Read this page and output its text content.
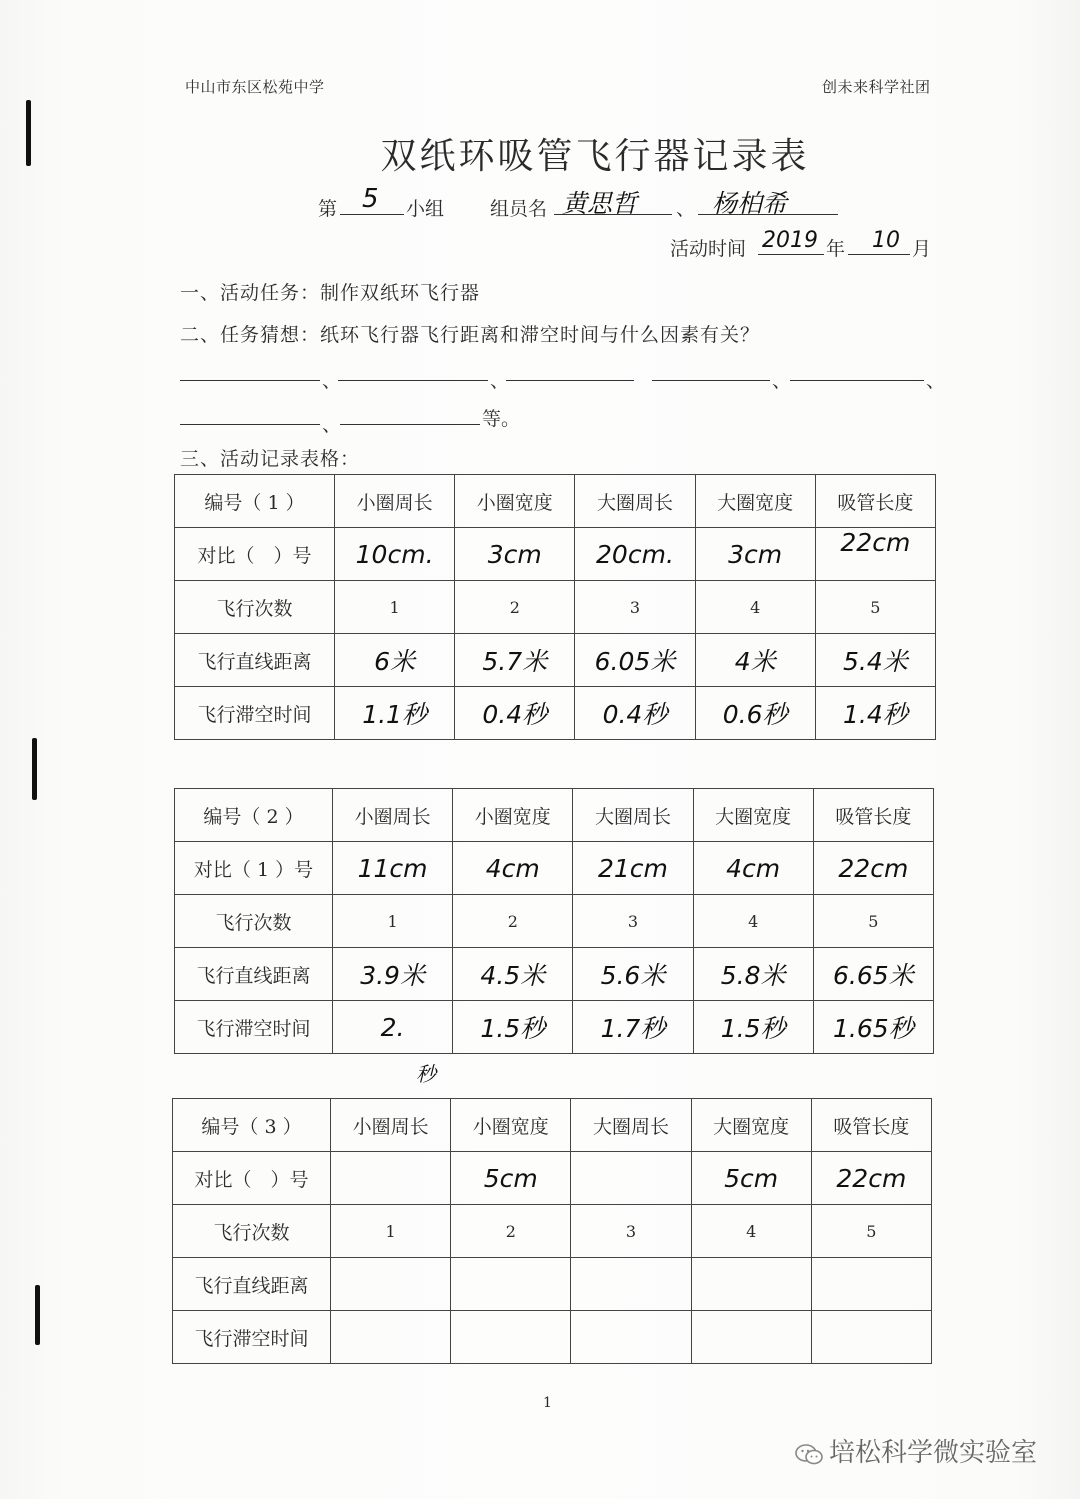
中山市东区松苑中学	创未来科学社团
双纸环吸管飞行器记录表
第 5 小组 组员名 黄思哲 、 杨柏希
活动时间 2019 年 10 月
一、活动任务：制作双纸环飞行器
二、任务猜想：纸环飞行器飞行距离和滞空时间与什么因素有关？
、	、	、	、
、	等。
三、活动记录表格：
编号（ 1 ）	小圈周长	小圈宽度	大圈周长	大圈宽度	吸管长度
对比（　）号	10cm.	3cm	20cm.	3cm	22cm
飞行次数	1	2	3	4	5
飞行直线距离	6米	5.7米	6.05米	4米	5.4米
飞行滞空时间	1.1秒	0.4秒	0.4秒	0.6秒	1.4秒
编号（ 2 ）	小圈周长	小圈宽度	大圈周长	大圈宽度	吸管长度
对比（ 1 ）号	11cm	4cm	21cm	4cm	22cm
飞行次数	1	2	3	4	5
飞行直线距离	3.9米	4.5米	5.6米	5.8米	6.65米
飞行滞空时间	2.	1.5秒	1.7秒	1.5秒	1.65秒
秒
编号（ 3 ）	小圈周长	小圈宽度	大圈周长	大圈宽度	吸管长度
对比（　）号		5cm		5cm	22cm
飞行次数	1	2	3	4	5
飞行直线距离					
飞行滞空时间					
1
培松科学微实验室
